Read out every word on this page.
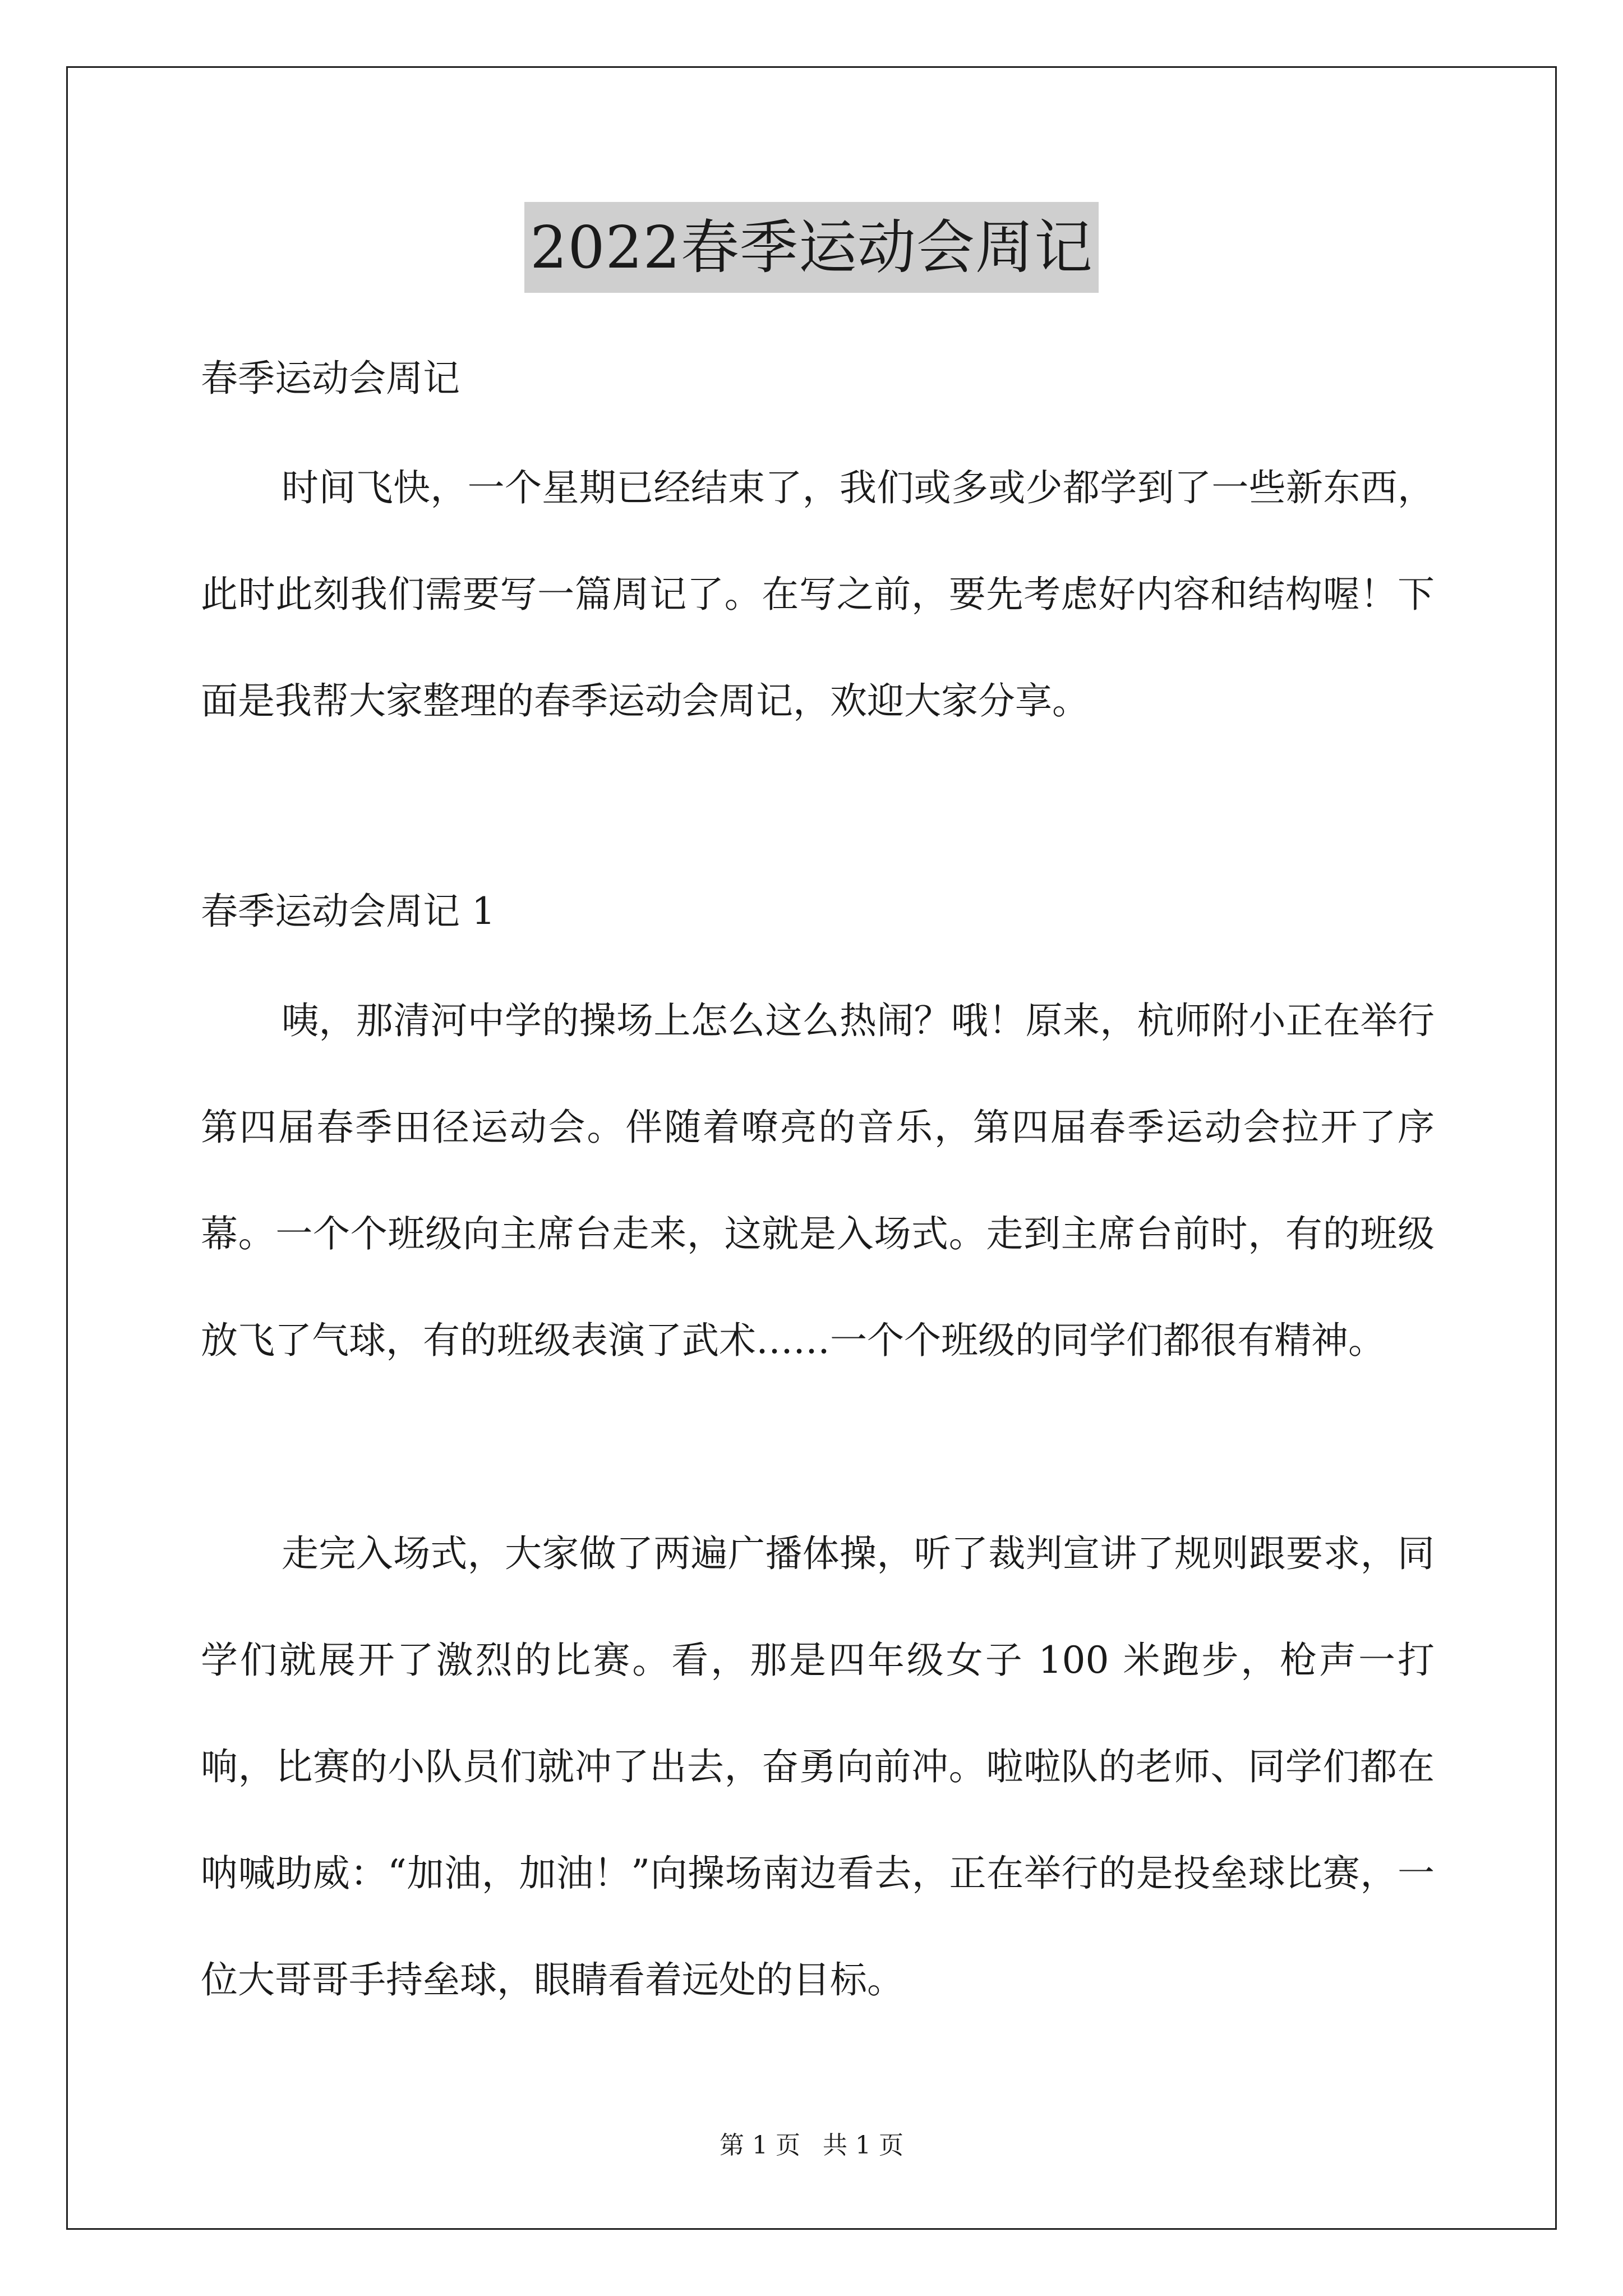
2022春季运动会周记
春季运动会周记

时间飞快，一个星期已经结束了，我们或多或少都学到了一些新东西，此时此刻我们需要写一篇周记了。在写之前，要先考虑好内容和结构喔！下面是我帮大家整理的春季运动会周记，欢迎大家分享。

春季运动会周记 1

咦，那清河中学的操场上怎么这么热闹？哦！原来，杭师附小正在举行第四届春季田径运动会。伴随着嘹亮的音乐，第四届春季运动会拉开了序幕。一个个班级向主席台走来，这就是入场式。走到主席台前时，有的班级放飞了气球，有的班级表演了武术……一个个班级的同学们都很有精神。

走完入场式，大家做了两遍广播体操，听了裁判宣讲了规则跟要求，同学们就展开了激烈的比赛。看，那是四年级女子 100 米跑步，枪声一打响，比赛的小队员们就冲了出去，奋勇向前冲。啦啦队的老师、同学们都在呐喊助威：“加油，加油！”向操场南边看去，正在举行的是投垒球比赛，一位大哥哥手持垒球，眼睛看着远处的目标。

第 1 页 共 1 页
